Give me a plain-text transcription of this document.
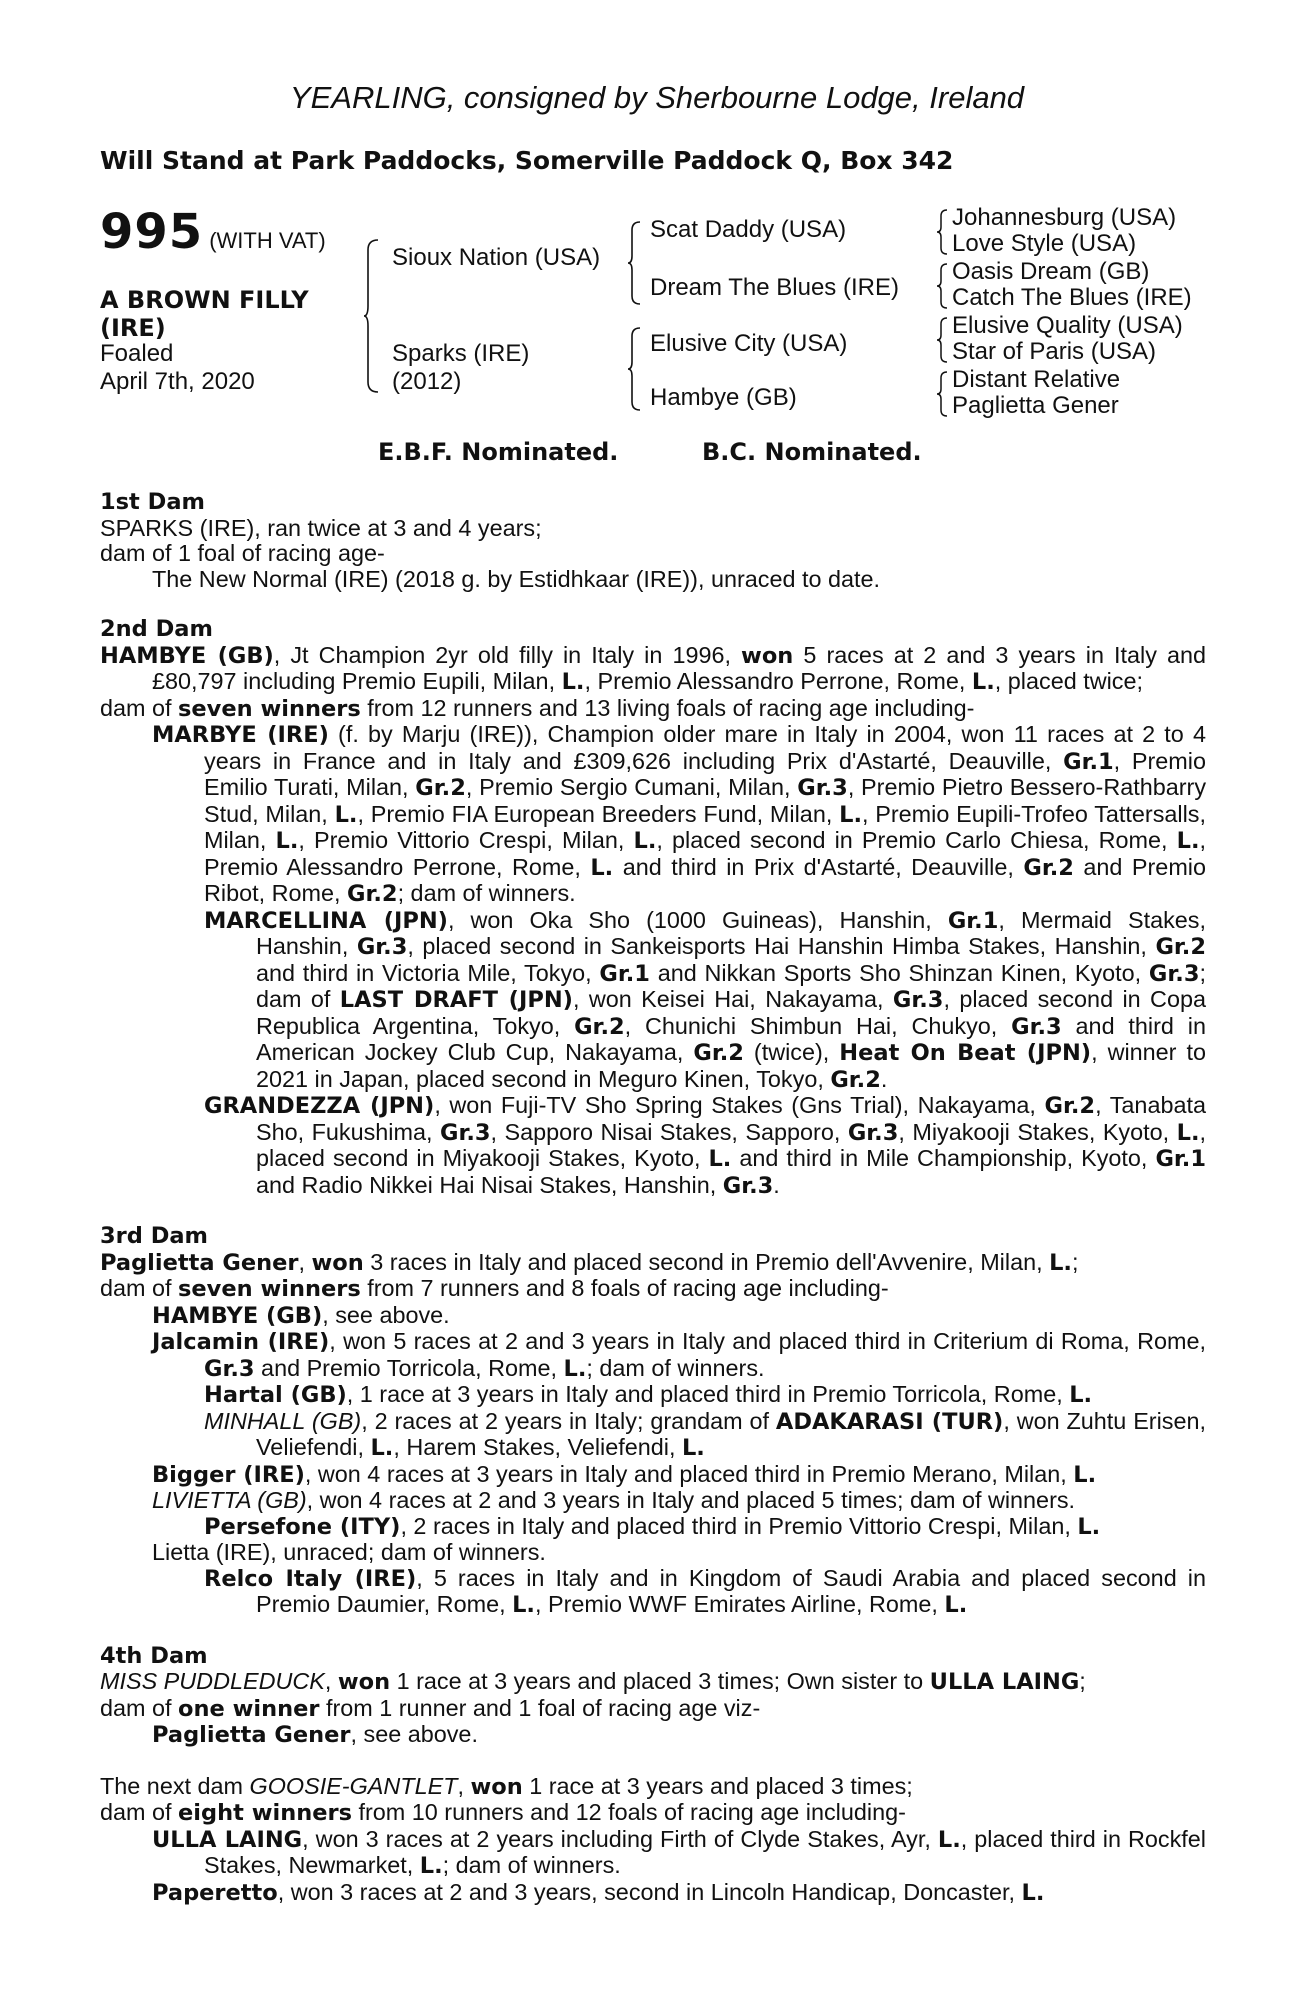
YEARLING, consigned by Sherbourne Lodge, Ireland
Will Stand at Park Paddocks, Somerville Paddock Q, Box 342
995 (WITH VAT)
A BROWN FILLY
(IRE)
Foaled
April 7th, 2020
Sioux Nation (USA)
Sparks (IRE)
(2012)
Scat Daddy (USA)
Dream The Blues (IRE)
Elusive City (USA)
Hambye (GB)
Johannesburg (USA)
Love Style (USA)
Oasis Dream (GB)
Catch The Blues (IRE)
Elusive Quality (USA)
Star of Paris (USA)
Distant Relative
Paglietta Gener
E.B.F. Nominated.	B.C. Nominated.
1st Dam

SPARKS (IRE), ran twice at 3 and 4 years;

dam of 1 foal of racing age-

The New Normal (IRE) (2018 g. by Estidhkaar (IRE)), unraced to date.

2nd Dam

HAMBYE (GB), Jt Champion 2yr old filly in Italy in 1996, won 5 races at 2 and 3 years in Italy and £80,797 including Premio Eupili, Milan, L., Premio Alessandro Perrone, Rome, L., placed twice;

dam of seven winners from 12 runners and 13 living foals of racing age including-

MARBYE (IRE) (f. by Marju (IRE)), Champion older mare in Italy in 2004, won 11 races at 2 to 4 years in France and in Italy and £309,626 including Prix d'Astarté, Deauville, Gr.1, Premio Emilio Turati, Milan, Gr.2, Premio Sergio Cumani, Milan, Gr.3, Premio Pietro Bessero-Rathbarry Stud, Milan, L., Premio FIA European Breeders Fund, Milan, L., Premio Eupili-Trofeo Tattersalls, Milan, L., Premio Vittorio Crespi, Milan, L., placed second in Premio Carlo Chiesa, Rome, L., Premio Alessandro Perrone, Rome, L. and third in Prix d'Astarté, Deauville, Gr.2 and Premio Ribot, Rome, Gr.2; dam of winners.

MARCELLINA (JPN), won Oka Sho (1000 Guineas), Hanshin, Gr.1, Mermaid Stakes, Hanshin, Gr.3, placed second in Sankeisports Hai Hanshin Himba Stakes, Hanshin, Gr.2 and third in Victoria Mile, Tokyo, Gr.1 and Nikkan Sports Sho Shinzan Kinen, Kyoto, Gr.3; dam of LAST DRAFT (JPN), won Keisei Hai, Nakayama, Gr.3, placed second in Copa Republica Argentina, Tokyo, Gr.2, Chunichi Shimbun Hai, Chukyo, Gr.3 and third in American Jockey Club Cup, Nakayama, Gr.2 (twice), Heat On Beat (JPN), winner to 2021 in Japan, placed second in Meguro Kinen, Tokyo, Gr.2.

GRANDEZZA (JPN), won Fuji-TV Sho Spring Stakes (Gns Trial), Nakayama, Gr.2, Tanabata Sho, Fukushima, Gr.3, Sapporo Nisai Stakes, Sapporo, Gr.3, Miyakooji Stakes, Kyoto, L., placed second in Miyakooji Stakes, Kyoto, L. and third in Mile Championship, Kyoto, Gr.1 and Radio Nikkei Hai Nisai Stakes, Hanshin, Gr.3.

3rd Dam

Paglietta Gener, won 3 races in Italy and placed second in Premio dell'Avvenire, Milan, L.;

dam of seven winners from 7 runners and 8 foals of racing age including-

HAMBYE (GB), see above.

Jalcamin (IRE), won 5 races at 2 and 3 years in Italy and placed third in Criterium di Roma, Rome, Gr.3 and Premio Torricola, Rome, L.; dam of winners.

Hartal (GB), 1 race at 3 years in Italy and placed third in Premio Torricola, Rome, L.

MINHALL (GB), 2 races at 2 years in Italy; grandam of ADAKARASI (TUR), won Zuhtu Erisen, Veliefendi, L., Harem Stakes, Veliefendi, L.

Bigger (IRE), won 4 races at 3 years in Italy and placed third in Premio Merano, Milan, L.

LIVIETTA (GB), won 4 races at 2 and 3 years in Italy and placed 5 times; dam of winners.

Persefone (ITY), 2 races in Italy and placed third in Premio Vittorio Crespi, Milan, L.

Lietta (IRE), unraced; dam of winners.

Relco Italy (IRE), 5 races in Italy and in Kingdom of Saudi Arabia and placed second in Premio Daumier, Rome, L., Premio WWF Emirates Airline, Rome, L.

4th Dam

MISS PUDDLEDUCK, won 1 race at 3 years and placed 3 times; Own sister to ULLA LAING;

dam of one winner from 1 runner and 1 foal of racing age viz-

Paglietta Gener, see above.

The next dam GOOSIE-GANTLET, won 1 race at 3 years and placed 3 times;

dam of eight winners from 10 runners and 12 foals of racing age including-

ULLA LAING, won 3 races at 2 years including Firth of Clyde Stakes, Ayr, L., placed third in Rockfel Stakes, Newmarket, L.; dam of winners.

Paperetto, won 3 races at 2 and 3 years, second in Lincoln Handicap, Doncaster, L.
